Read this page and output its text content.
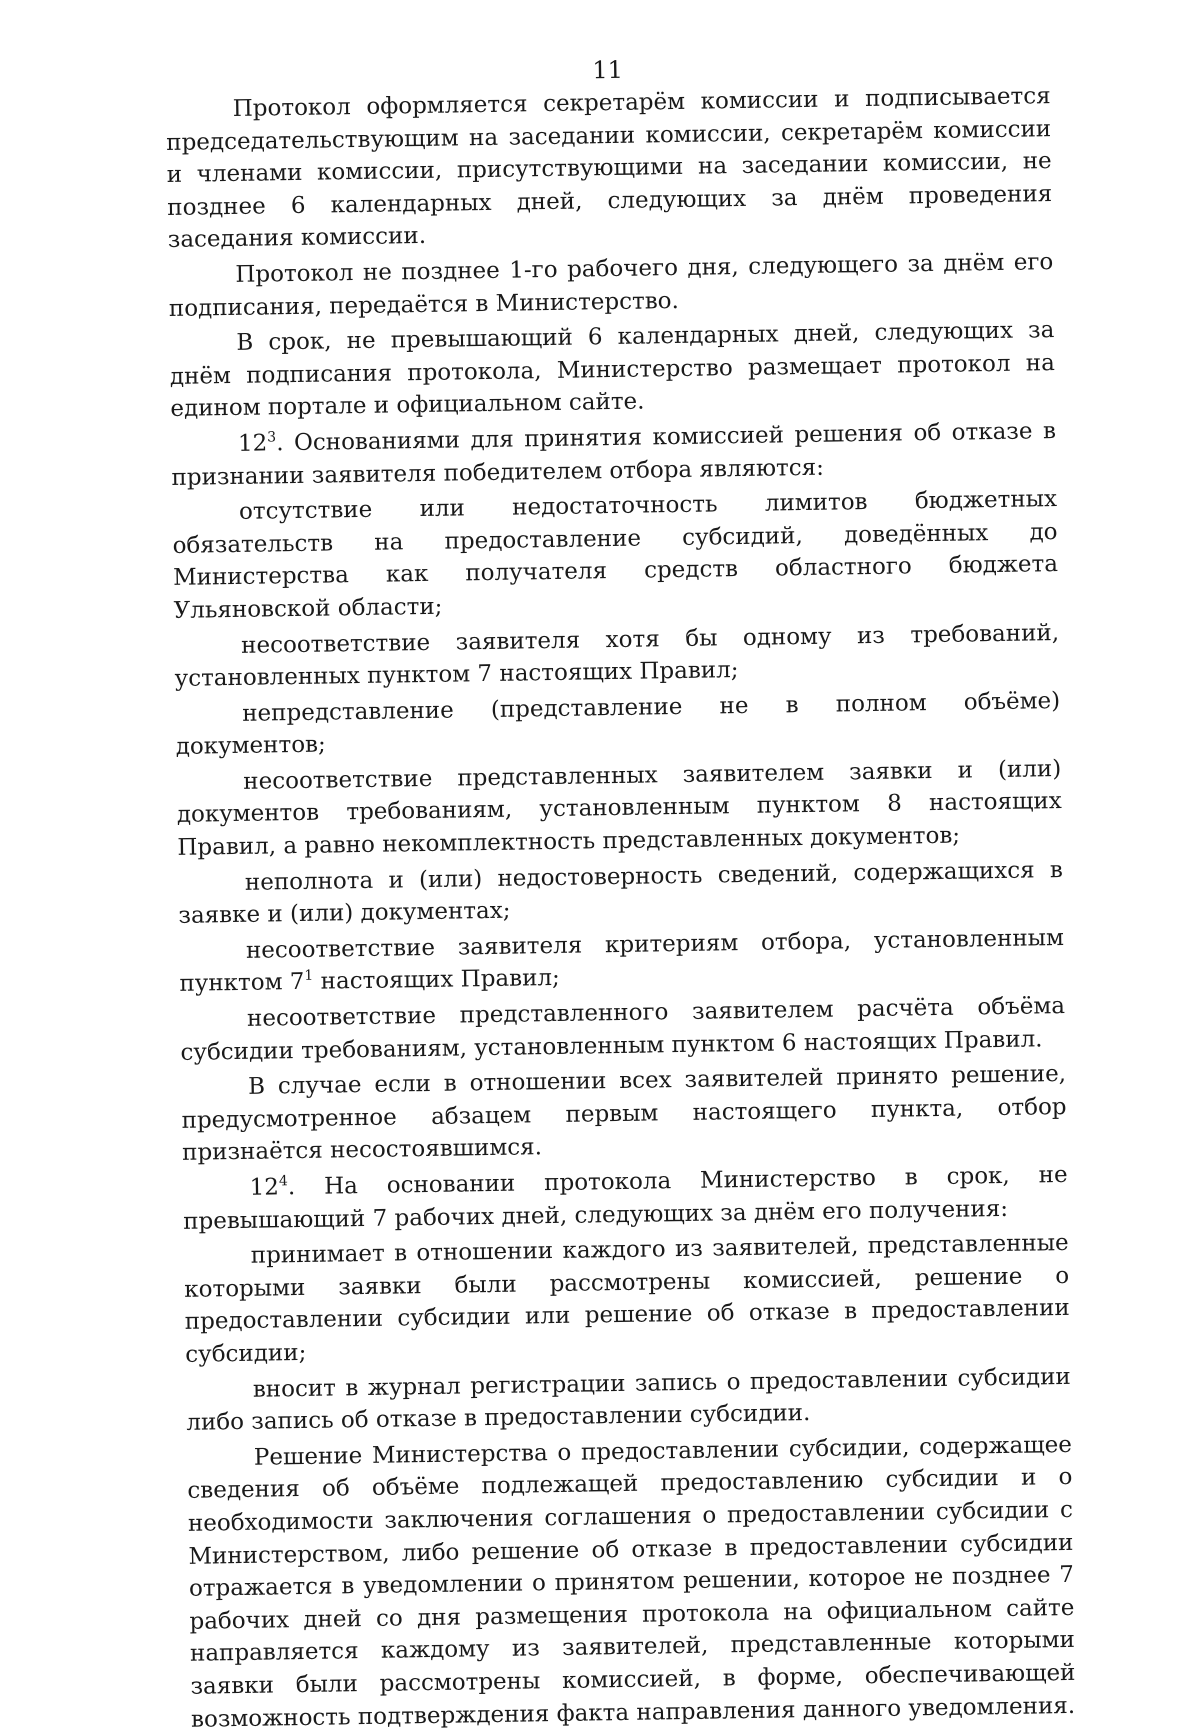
11

Протокол оформляется секретарём комиссии и подписывается председательствующим на заседании комиссии, секретарём комиссии и членами комиссии, присутствующими на заседании комиссии, не позднее 6 календарных дней, следующих за днём проведения заседания комиссии.

Протокол не позднее 1-го рабочего дня, следующего за днём его подписания, передаётся в Министерство.

В срок, не превышающий 6 календарных дней, следующих за днём подписания протокола, Министерство размещает протокол на едином портале и официальном сайте.

$12^3$. Основаниями для принятия комиссией решения об отказе в признании заявителя победителем отбора являются:

отсутствие или недостаточность лимитов бюджетных обязательств на предоставление субсидий, доведённых до Министерства как получателя средств областного бюджета Ульяновской области;

несоответствие заявителя хотя бы одному из требований, установленных пунктом 7 настоящих Правил;

непредставление (представление не в полном объёме) документов;

несоответствие представленных заявителем заявки и (или) документов требованиям, установленным пунктом 8 настоящих Правил, а равно некомплектность представленных документов;

неполнота и (или) недостоверность сведений, содержащихся в заявке и (или) документах;

несоответствие заявителя критериям отбора, установленным пунктом $7^1$ настоящих Правил;

несоответствие представленного заявителем расчёта объёма субсидии требованиям, установленным пунктом 6 настоящих Правил.

В случае если в отношении всех заявителей принято решение, предусмотренное абзацем первым настоящего пункта, отбор признаётся несостоявшимся.

$12^4$. На основании протокола Министерство в срок, не превышающий 7 рабочих дней, следующих за днём его получения:

принимает в отношении каждого из заявителей, представленные которыми заявки были рассмотрены комиссией, решение о предоставлении субсидии или решение об отказе в предоставлении субсидии;

вносит в журнал регистрации запись о предоставлении субсидии либо запись об отказе в предоставлении субсидии.

Решение Министерства о предоставлении субсидии, содержащее сведения об объёме подлежащей предоставлению субсидии и о необходимости заключения соглашения о предоставлении субсидии с Министерством, либо решение об отказе в предоставлении субсидии отражается в уведомлении о принятом решении, которое не позднее 7 рабочих дней со дня размещения протокола на официальном сайте направляется каждому из заявителей, представленные которыми заявки были рассмотрены комиссией, в форме, обеспечивающей возможность подтверждения факта направления данного уведомления.
